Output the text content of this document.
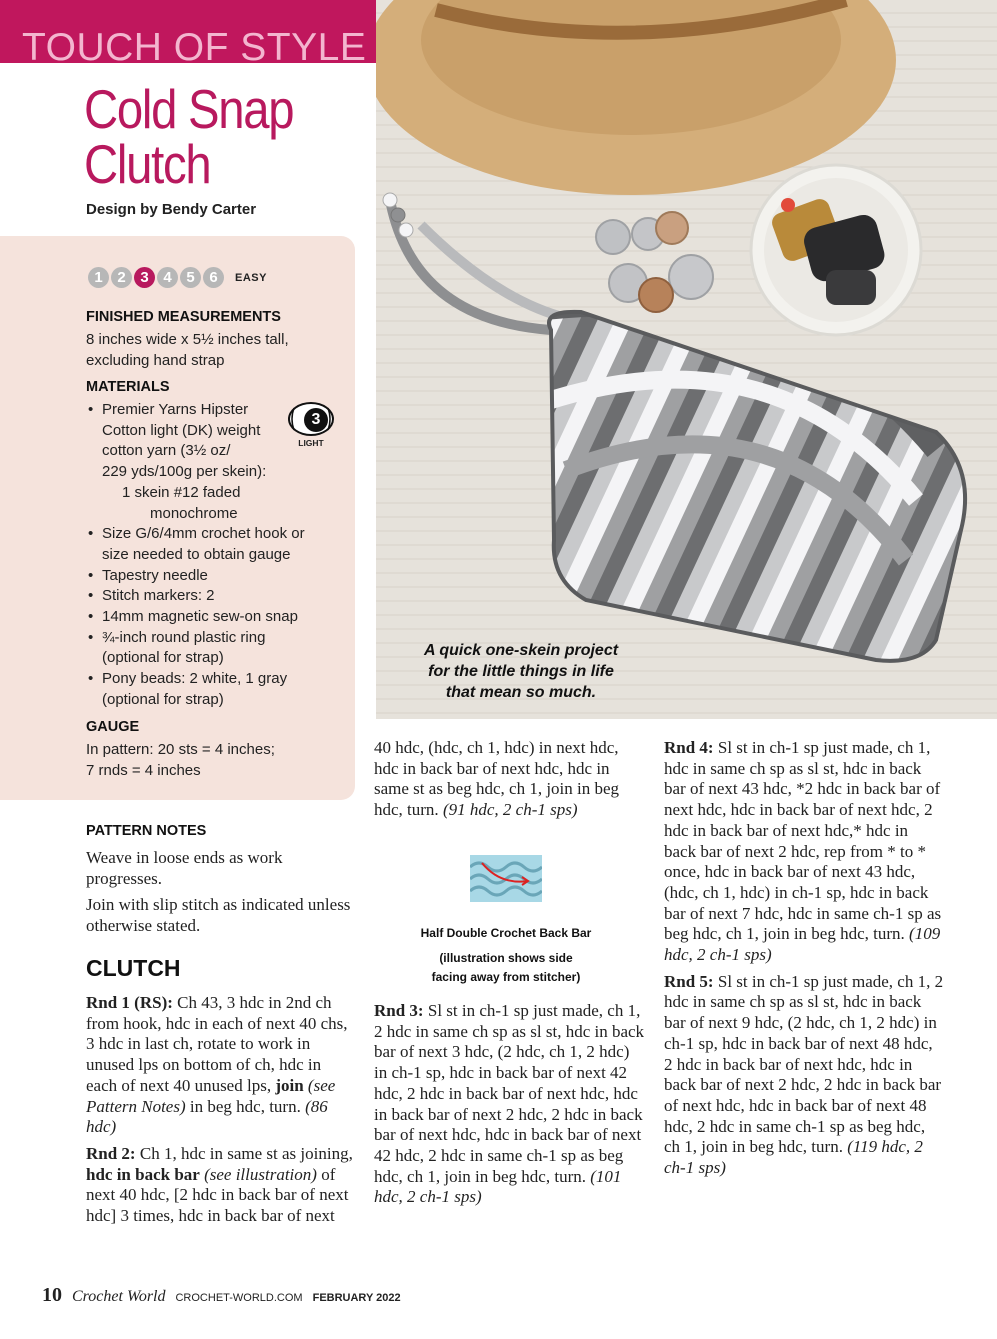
TOUCH OF STYLE
Cold Snap
Clutch
Design by Bendy Carter
1 2 3 4 5 6	EASY
FINISHED MEASUREMENTS
8 inches wide x 5½ inches tall,
excluding hand strap
MATERIALS
• Premier Yarns Hipster
Cotton light (DK) weight
cotton yarn (3½ oz/
229 yds/100g per skein):
1 skein #12 faded
monochrome
• Size G/6/4mm crochet hook or
size needed to obtain gauge
• Tapestry needle
• Stitch markers: 2
• 14mm magnetic sew-on snap
• ¾-inch round plastic ring
(optional for strap)
• Pony beads: 2 white, 1 gray
(optional for strap)
3
LIGHT
GAUGE
In pattern: 20 sts = 4 inches;
7 rnds = 4 inches
A quick one-skein project
for the little things in life
that mean so much.
PATTERN NOTES

Weave in loose ends as work progresses.

Join with slip stitch as indicated unless otherwise stated.

CLUTCH

Rnd 1 (RS): Ch 43, 3 hdc in 2nd ch from hook, hdc in each of next 40 chs, 3 hdc in last ch, rotate to work in unused lps on bottom of ch, hdc in each of next 40 unused lps, join (see Pattern Notes) in beg hdc, turn. (86 hdc)

Rnd 2: Ch 1, hdc in same st as joining, hdc in back bar (see illustration) of next 40 hdc, [2 hdc in back bar of next hdc] 3 times, hdc in back bar of next

40 hdc, (hdc, ch 1, hdc) in next hdc, hdc in back bar of next hdc, hdc in same st as beg hdc, ch 1, join in beg hdc, turn. (91 hdc, 2 ch-1 sps)

Half Double Crochet Back Bar
(illustration shows side
facing away from stitcher)

Rnd 3: Sl st in ch-1 sp just made, ch 1, 2 hdc in same ch sp as sl st, hdc in back bar of next 3 hdc, (2 hdc, ch 1, 2 hdc) in ch-1 sp, hdc in back bar of next 42 hdc, 2 hdc in back bar of next hdc, hdc in back bar of next 2 hdc, 2 hdc in back bar of next hdc, hdc in back bar of next 42 hdc, 2 hdc in same ch-1 sp as beg hdc, ch 1, join in beg hdc, turn. (101 hdc, 2 ch-1 sps)

Rnd 4: Sl st in ch-1 sp just made, ch 1, hdc in same ch sp as sl st, hdc in back bar of next 43 hdc, *2 hdc in back bar of next hdc, hdc in back bar of next hdc, 2 hdc in back bar of next hdc,* hdc in back bar of next 2 hdc, rep from * to * once, hdc in back bar of next 43 hdc, (hdc, ch 1, hdc) in ch-1 sp, hdc in back bar of next 7 hdc, hdc in same ch-1 sp as beg hdc, ch 1, join in beg hdc, turn. (109 hdc, 2 ch-1 sps)

Rnd 5: Sl st in ch-1 sp just made, ch 1, 2 hdc in same ch sp as sl st, hdc in back bar of next 9 hdc, (2 hdc, ch 1, 2 hdc) in ch-1 sp, hdc in back bar of next 48 hdc, 2 hdc in back bar of next hdc, hdc in back bar of next 2 hdc, 2 hdc in back bar of next hdc, hdc in back bar of next 48 hdc, 2 hdc in same ch-1 sp as beg hdc, ch 1, join in beg hdc, turn. (119 hdc, 2 ch-1 sps)

10 Crochet World CROCHET-WORLD.COM FEBRUARY 2022
